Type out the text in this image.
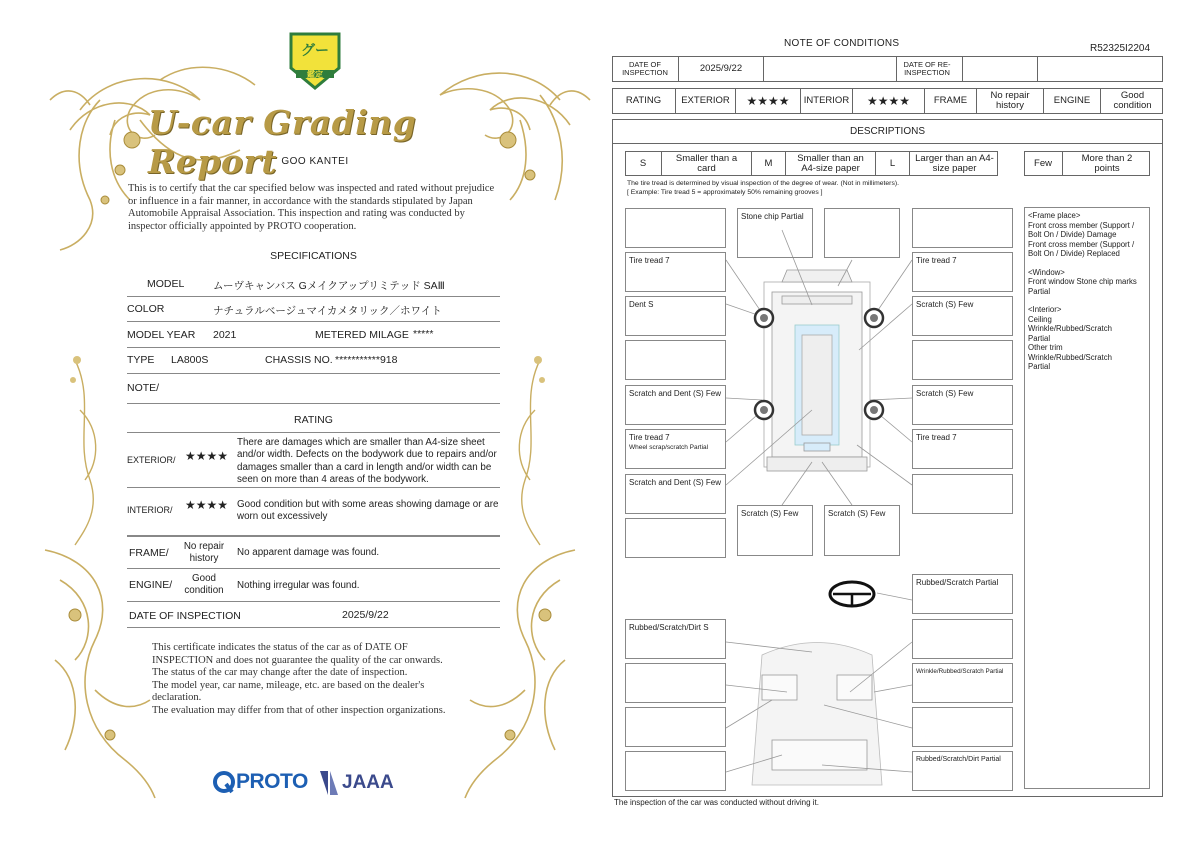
グー
鑑定
U-car Grading Report GOO KANTEI
This is to certify that the car specified below was inspected and rated without prejudice or influence in a fair manner, in accordance with the standards stipulated by Japan Automobile Appraisal Association. This inspection and rating was conducted by inspector officially appointed by PROTO cooperation.
SPECIFICATIONS
MODEL	ムーヴキャンバス Gメイクアップリミテッド SAⅢ
COLOR	ナチュラルベージュマイカメタリック／ホワイト
MODEL YEAR 2021	METERED MILAGE *****
TYPE LA800S	CHASSIS NO. ***********918
NOTE/
RATING
EXTERIOR/ ★★★★
There are damages which are smaller than A4-size sheet and/or width. Defects on the bodywork due to repairs and/or damages smaller than a card in length and/or width can be seen on more than 4 areas of the bodywork.
INTERIOR/ ★★★★ Good condition but with some areas showing damage or are worn out excessively
FRAME/
No repair history	No apparent damage was found.
ENGINE/
Good condition	Nothing irregular was found.
DATE OF INSPECTION	2025/9/22
This certificate indicates the status of the car as of DATE OF
INSPECTION and does not guarantee the quality of the car onwards.
The status of the car may change after the date of inspection.
The model year, car name, mileage, etc. are based on the dealer's
declaration.
The evaluation may differ from that of other inspection organizations.
PROTO JAAA
NOTE OF CONDITIONS	R52325I2204
DATE OF INSPECTION	2025/9/22	DATE OF RE-INSPECTION
RATING	EXTERIOR	★★★★	INTERIOR	★★★★	FRAME	No repair history	ENGINE	Good condition
DESCRIPTIONS
S	Smaller than a card	M	Smaller than an A4-size paper	L	Larger than an A4-size paper	Few	More than 2 points
The tire tread is determined by visual inspection of the degree of wear. (Not in millimeters).
[ Example: Tire tread 5 = approximately 50% remaining grooves ]
<Frame place>
Front cross member (Support /
Bolt On / Divide) Damage
Front cross member (Support /
Bolt On / Divide) Replaced
<Window>
Front window Stone chip marks
Partial
<Interior>
Ceiling
Wrinkle/Rubbed/Scratch
Partial
Other trim
Wrinkle/Rubbed/Scratch
Partial
Stone chip Partial
Tire tread 7	Tire tread 7
Dent S	Scratch (S) Few
Scratch and Dent (S) Few	Scratch (S) Few
Tire tread 7
Wheel scrap/scratch Partial
Tire tread 7
Scratch and Dent (S) Few
Scratch (S) Few	Scratch (S) Few
Rubbed/Scratch Partial
Rubbed/Scratch/Dirt S
Wrinkle/Rubbed/Scratch Partial
Rubbed/Scratch/Dirt Partial
The inspection of the car was conducted without driving it.
